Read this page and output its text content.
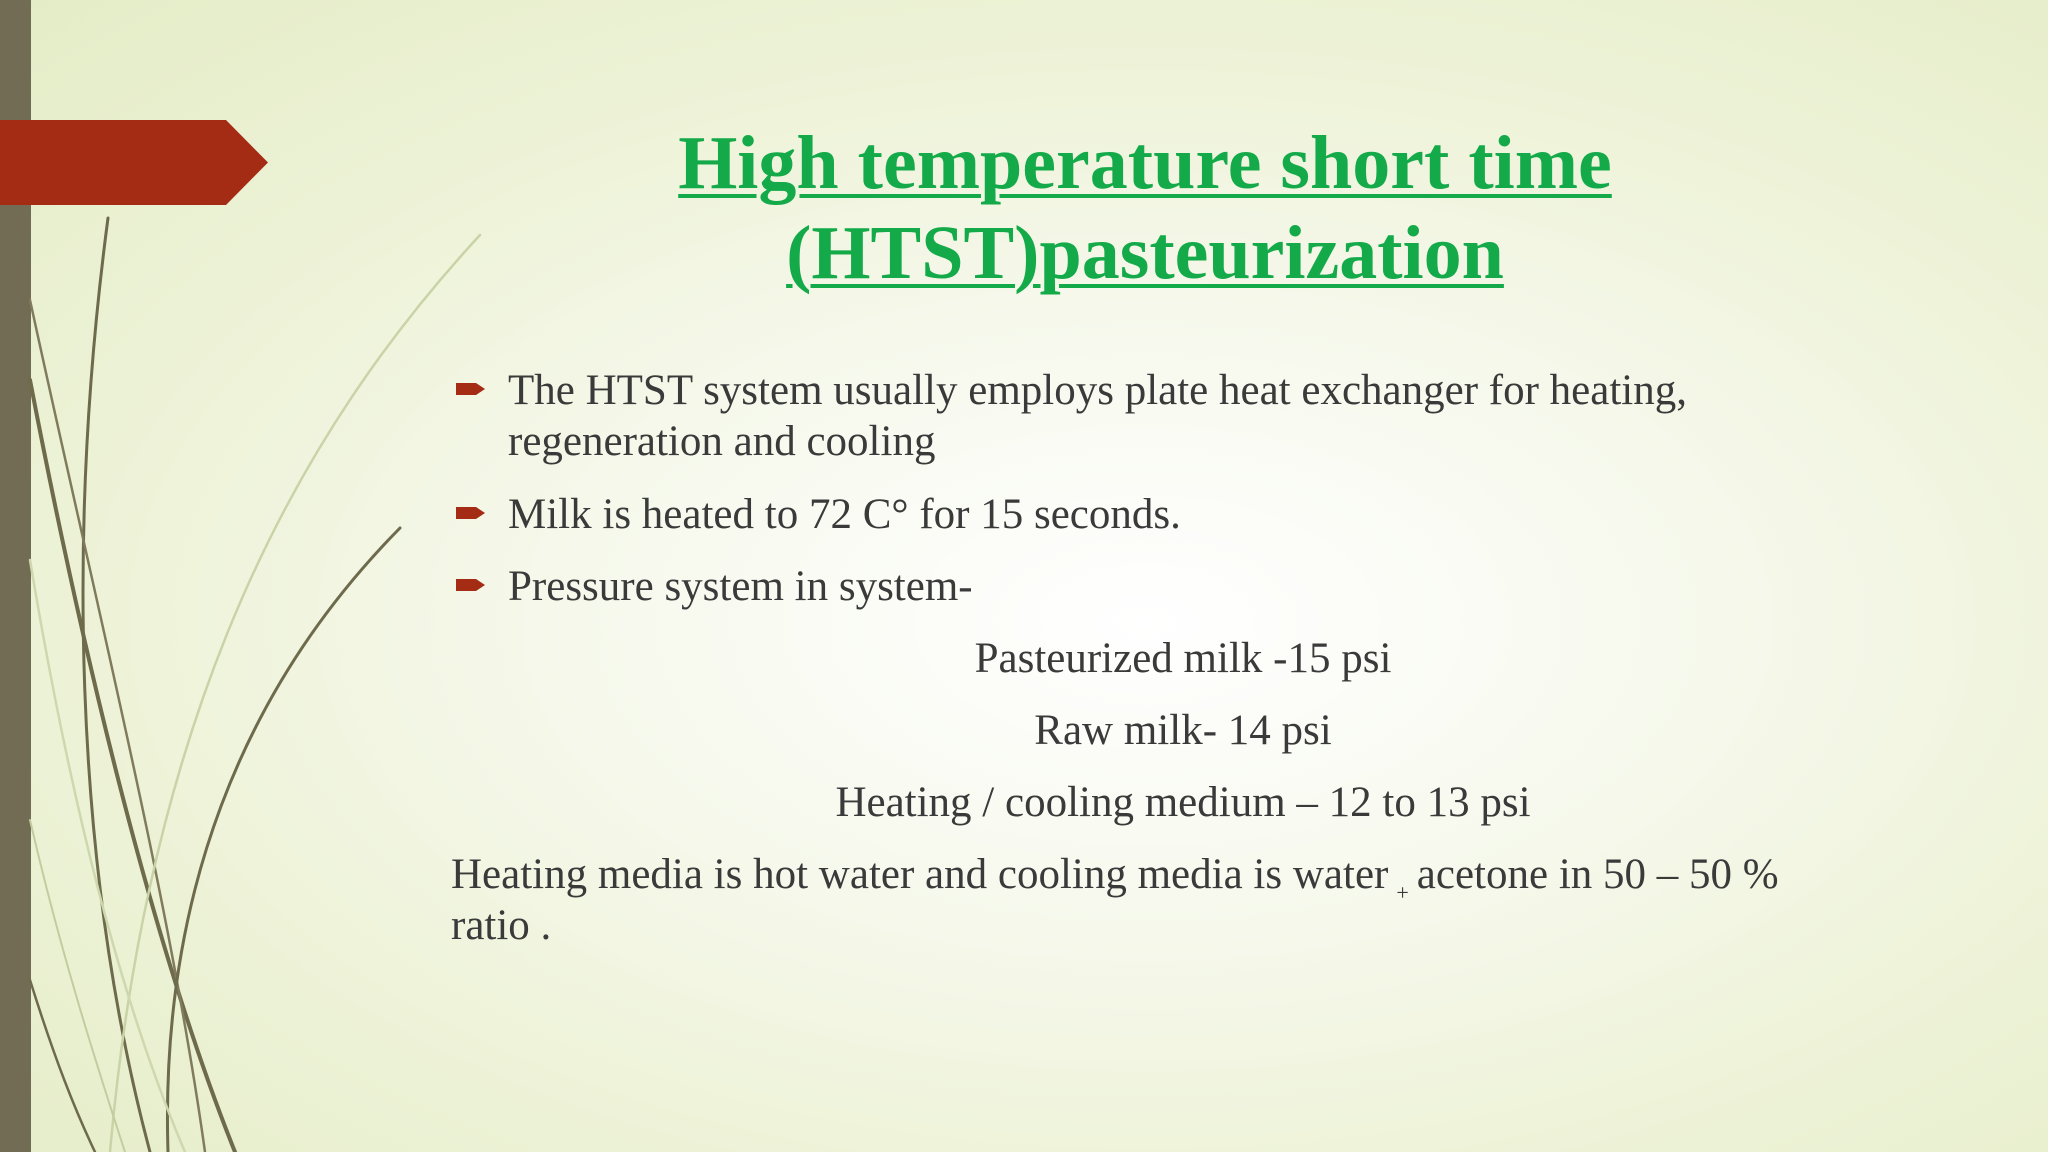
High temperature short time
(HTST)pasteurization
The HTST system usually employs plate heat exchanger for heating,
regeneration and cooling
Milk is heated to 72 C° for 15 seconds.
Pressure system in system-
Pasteurized milk -15 psi
Raw milk- 14 psi
Heating / cooling medium – 12 to 13 psi
Heating media is hot water and cooling media is water $_+$ acetone in 50 – 50 %
ratio .
